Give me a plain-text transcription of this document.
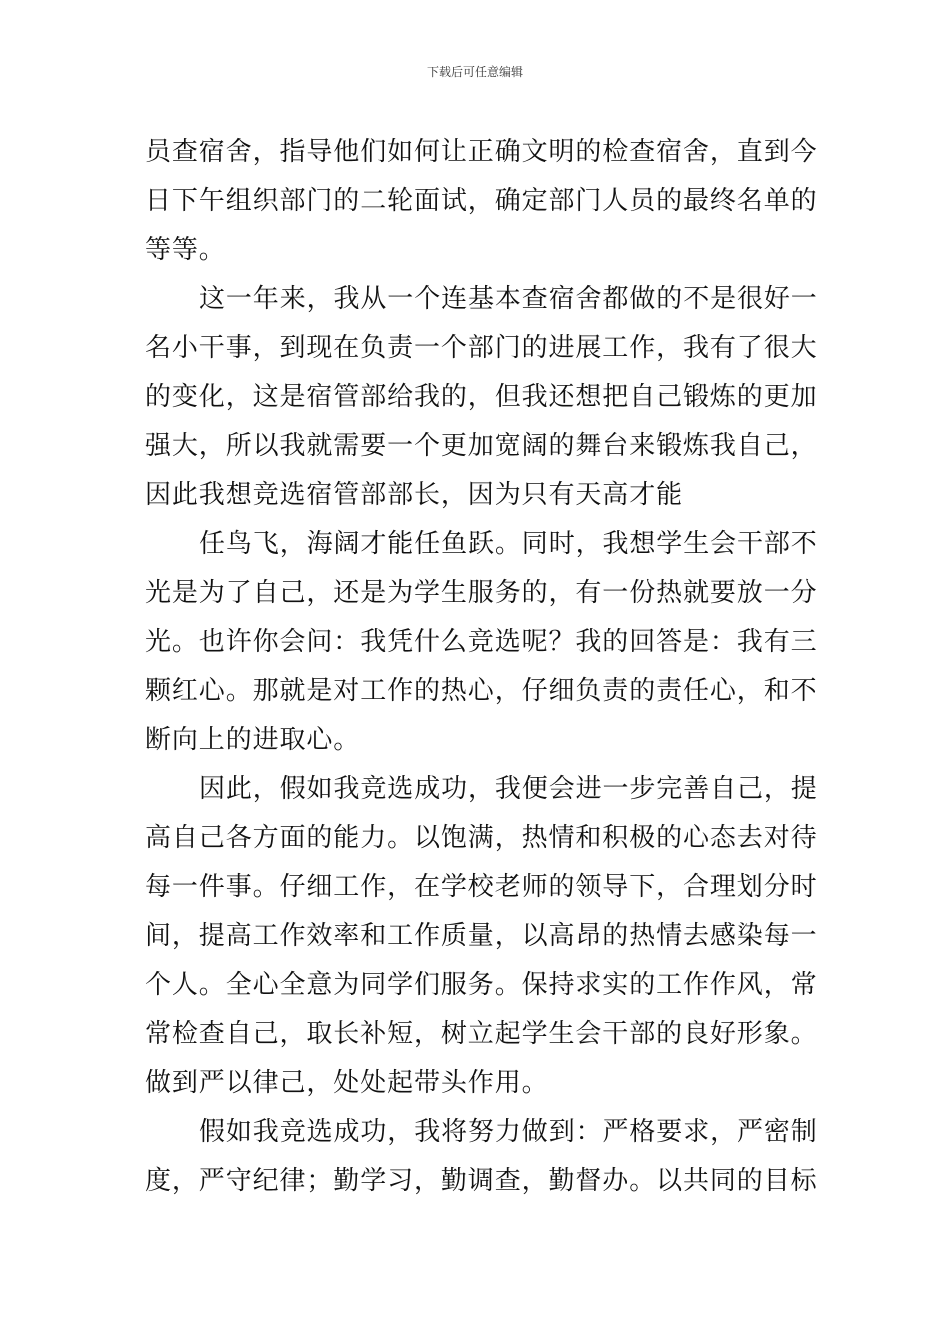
下载后可任意编辑
员查宿舍，指导他们如何让正确文明的检查宿舍，直到今
日下午组织部门的二轮面试，确定部门人员的最终名单的
等等。
这一年来，我从一个连基本查宿舍都做的不是很好一
名小干事，到现在负责一个部门的进展工作，我有了很大
的变化，这是宿管部给我的，但我还想把自己锻炼的更加
强大，所以我就需要一个更加宽阔的舞台来锻炼我自己，
因此我想竞选宿管部部长，因为只有天高才能
任鸟飞，海阔才能任鱼跃。同时，我想学生会干部不
光是为了自己，还是为学生服务的，有一份热就要放一分
光。也许你会问：我凭什么竞选呢？我的回答是：我有三
颗红心。那就是对工作的热心，仔细负责的责任心，和不
断向上的进取心。
因此，假如我竞选成功，我便会进一步完善自己，提
高自己各方面的能力。以饱满，热情和积极的心态去对待
每一件事。仔细工作，在学校老师的领导下，合理划分时
间，提高工作效率和工作质量，以高昂的热情去感染每一
个人。全心全意为同学们服务。保持求实的工作作风，常
常检查自己，取长补短，树立起学生会干部的良好形象。
做到严以律己，处处起带头作用。
假如我竞选成功，我将努力做到：严格要求，严密制
度，严守纪律；勤学习，勤调查，勤督办。以共同的目标
